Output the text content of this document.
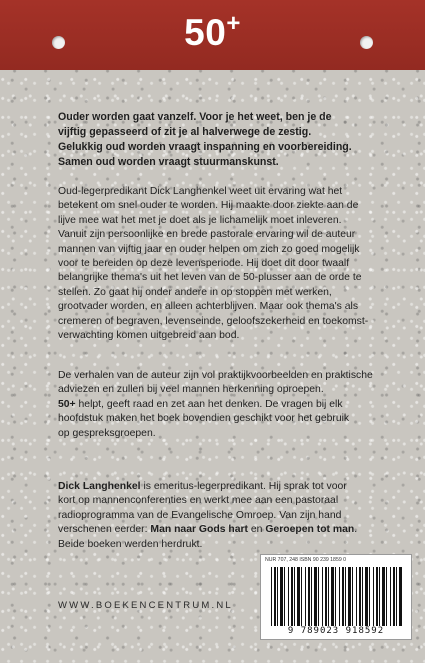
50+
Ouder worden gaat vanzelf. Voor je het weet, ben je de
vijftig gepasseerd of zit je al halverwege de zestig.
Gelukkig oud worden vraagt inspanning en voorbereiding.
Samen oud worden vraagt stuurmanskunst.
Oud-legerpredikant Dick Langhenkel weet uit ervaring wat het
betekent om snel ouder te worden. Hij maakte door ziekte aan de
lijve mee wat het met je doet als je lichamelijk moet inleveren.
Vanuit zijn persoonlijke en brede pastorale ervaring wil de auteur
mannen van vijftig jaar en ouder helpen om zich zo goed mogelijk
voor te bereiden op deze levensperiode. Hij doet dit door twaalf
belangrijke thema's uit het leven van de 50-plusser aan de orde te
stellen. Zo gaat hij onder andere in op stoppen met werken,
grootvader worden, en alleen achterblijven. Maar ook thema's als
cremeren of begraven, levenseinde, geloofszekerheid en toekomst-
verwachting komen uitgebreid aan bod.
De verhalen van de auteur zijn vol praktijkvoorbeelden en praktische
adviezen en zullen bij veel mannen herkenning oproepen.
50+ helpt, geeft raad en zet aan het denken. De vragen bij elk
hoofdstuk maken het boek bovendien geschikt voor het gebruik
op gespreksgroepen.
Dick Langhenkel is emeritus-legerpredikant. Hij sprak tot voor
kort op mannenconferenties en werkt mee aan een pastoraal
radioprogramma van de Evangelische Omroep. Van zijn hand
verschenen eerder: Man naar Gods hart en Geroepen tot man.
Beide boeken werden herdrukt.
NUR 707, 248 ISBN 90 239 1859 0
9 789023 918592
WWW.BOEKENCENTRUM.NL
